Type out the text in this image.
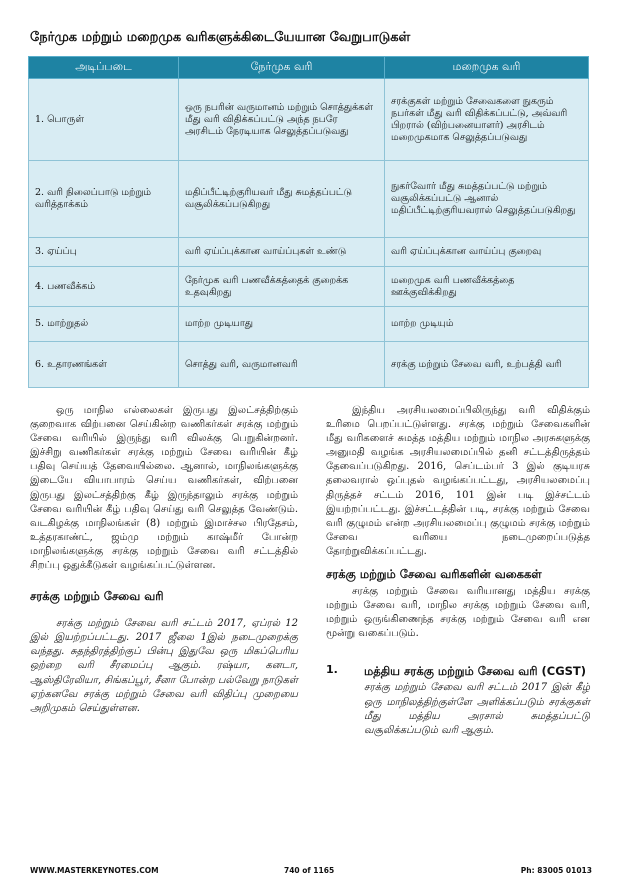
நேர்முக மற்றும் மறைமுக வரிகளுக்கிடையேயான வேறுபாடுகள்
அடிப்படை	நேர்முக வரி	மறைமுக வரி
1. பொருள்	ஒரு நபரின் வருமானம் மற்றும் சொத்துக்கள் மீது வரி விதிக்கப்பட்டு அந்த நபரே அரசிடம் நேரடியாக செலுத்தப்படுவது	சரக்குகள் மற்றும் சேவைகளை நுகரும் நபர்கள் மீது வரி விதிக்கப்பட்டு, அவ்வரி பிறரால் (விற்பனையாளர்) அரசிடம் மறைமுகமாக செலுத்தப்படுவது
2. வரி நிலைப்பாடு மற்றும் வரித்தாக்கம்	மதிப்பீட்டிற்குரியவர் மீது சுமத்தப்பட்டு வசூலிக்கப்படுகிறது	நுகர்வோர் மீது சுமத்தப்பட்டு மற்றும் வசூலிக்கப்பட்டு ஆனால் மதிப்பீட்டிற்குரியவரால் செலுத்தப்படுகிறது
3. ஏய்ப்பு	வரி ஏய்ப்புக்கான வாய்ப்புகள் உண்டு	வரி ஏய்ப்புக்கான வாய்ப்பு குறைவு
4. பணவீக்கம்	நேர்முக வரி பணவீக்கத்தைக் குறைக்க உதவுகிறது	மறைமுக வரி பணவீக்கத்தை ஊக்குவிக்கிறது
5. மாற்றுதல்	மாற்ற முடியாது	மாற்ற முடியும்
6. உதாரணங்கள்	சொத்து வரி, வருமானவரி	சரக்கு மற்றும் சேவை வரி, உற்பத்தி வரி

ஒரு மாநில எல்லைகள் இருபது இலட்சத்திற்கும் குறைவாக விற்பனை செய்கின்ற வணிகர்கள் சரக்கு மற்றும் சேவை வரியில் இருந்து வரி விலக்கு பெறுகின்றனர். இச்சிறு வணிகர்கள் சரக்கு மற்றும் சேவை வரியின் கீழ் பதிவு செய்யத் தேவையில்லை. ஆனால், மாநிலங்களுக்கு இடையே வியாபாரம் செய்ய வணிகர்கள், விற்பனை இருபது இலட்சத்திற்கு கீழ் இருந்தாலும் சரக்கு மற்றும் சேவை வரியின் கீழ் பதிவு செய்து வரி செலுத்த வேண்டும். வடகிழக்கு மாநிலங்கள் (8) மற்றும் இமாச்சல பிரதேசம், உத்தரகாண்ட், ஜம்மு மற்றும் காஷ்மீர் போன்ற மாநிலங்களுக்கு சரக்கு மற்றும் சேவை வரி சட்டத்தில் சிறப்பு ஒதுக்கீடுகள் வழங்கப்பட்டுள்ளன.

சரக்கு மற்றும் சேவை வரி

சரக்கு மற்றும் சேவை வரி சட்டம் 2017, ஏப்ரல் 12 இல் இயற்றப்பட்டது. 2017 ஜீலை 1இல் நடைமுறைக்கு வந்தது. சுதந்திரத்திற்குப் பின்பு இதுவே ஒரு மிகப்பெரிய ஒற்றை வரி சீரமைப்பு ஆகும். ரஷ்யா, கனடா, ஆஸ்திரேலியா, சிங்கப்பூர், சீனா போன்ற பல்வேறு நாடுகள் ஏற்கனவே சரக்கு மற்றும் சேவை வரி விதிப்பு முறையை அறிமுகம் செய்துள்ளன.

இந்திய அரசியலமைப்பிலிருந்து வரி விதிக்கும் உரிமை பெறப்பட்டுள்ளது. சரக்கு மற்றும் சேவைகளின் மீது வரிகளைச் சுமத்த மத்திய மற்றும் மாநில அரசுகளுக்கு அனுமதி வழங்க அரசியலமைப்பில் தனி சட்டத்திருத்தம் தேவைப்படுகிறது. 2016, செப்டம்பர் 3 இல் குடியரசு தலைவரால் ஒப்புதல் வழங்கப்பட்டது, அரசியலமைப்பு திருத்தச் சட்டம் 2016, 101 இன் படி இச்சட்டம் இயற்றப்பட்டது. இச்சட்டத்தின் படி, சரக்கு மற்றும் சேவை வரி குழுமம் என்ற அரசியலமைப்பு குழுமம் சரக்கு மற்றும் சேவை வரியை நடைமுறைப்படுத்த தோற்றுவிக்கப்பட்டது.

சரக்கு மற்றும் சேவை வரிகளின் வகைகள்

சரக்கு மற்றும் சேவை வரியானது மத்திய சரக்கு மற்றும் சேவை வரி, மாநில சரக்கு மற்றும் சேவை வரி, மற்றும் ஒருங்கிணைந்த சரக்கு மற்றும் சேவை வரி என மூன்று வகைப்படும்.

1.	மத்திய சரக்கு மற்றும் சேவை வரி (CGST)

சரக்கு மற்றும் சேவை வரி சட்டம் 2017 இன் கீழ் ஒரு மாநிலத்திற்குள்ளே அளிக்கப்படும் சரக்குகள் மீது மத்திய அரசால் சுமத்தப்பட்டு வசூலிக்கப்படும் வரி ஆகும்.

WWW.MASTERKEYNOTES.COM	740 of 1165	Ph: 83005 01013
